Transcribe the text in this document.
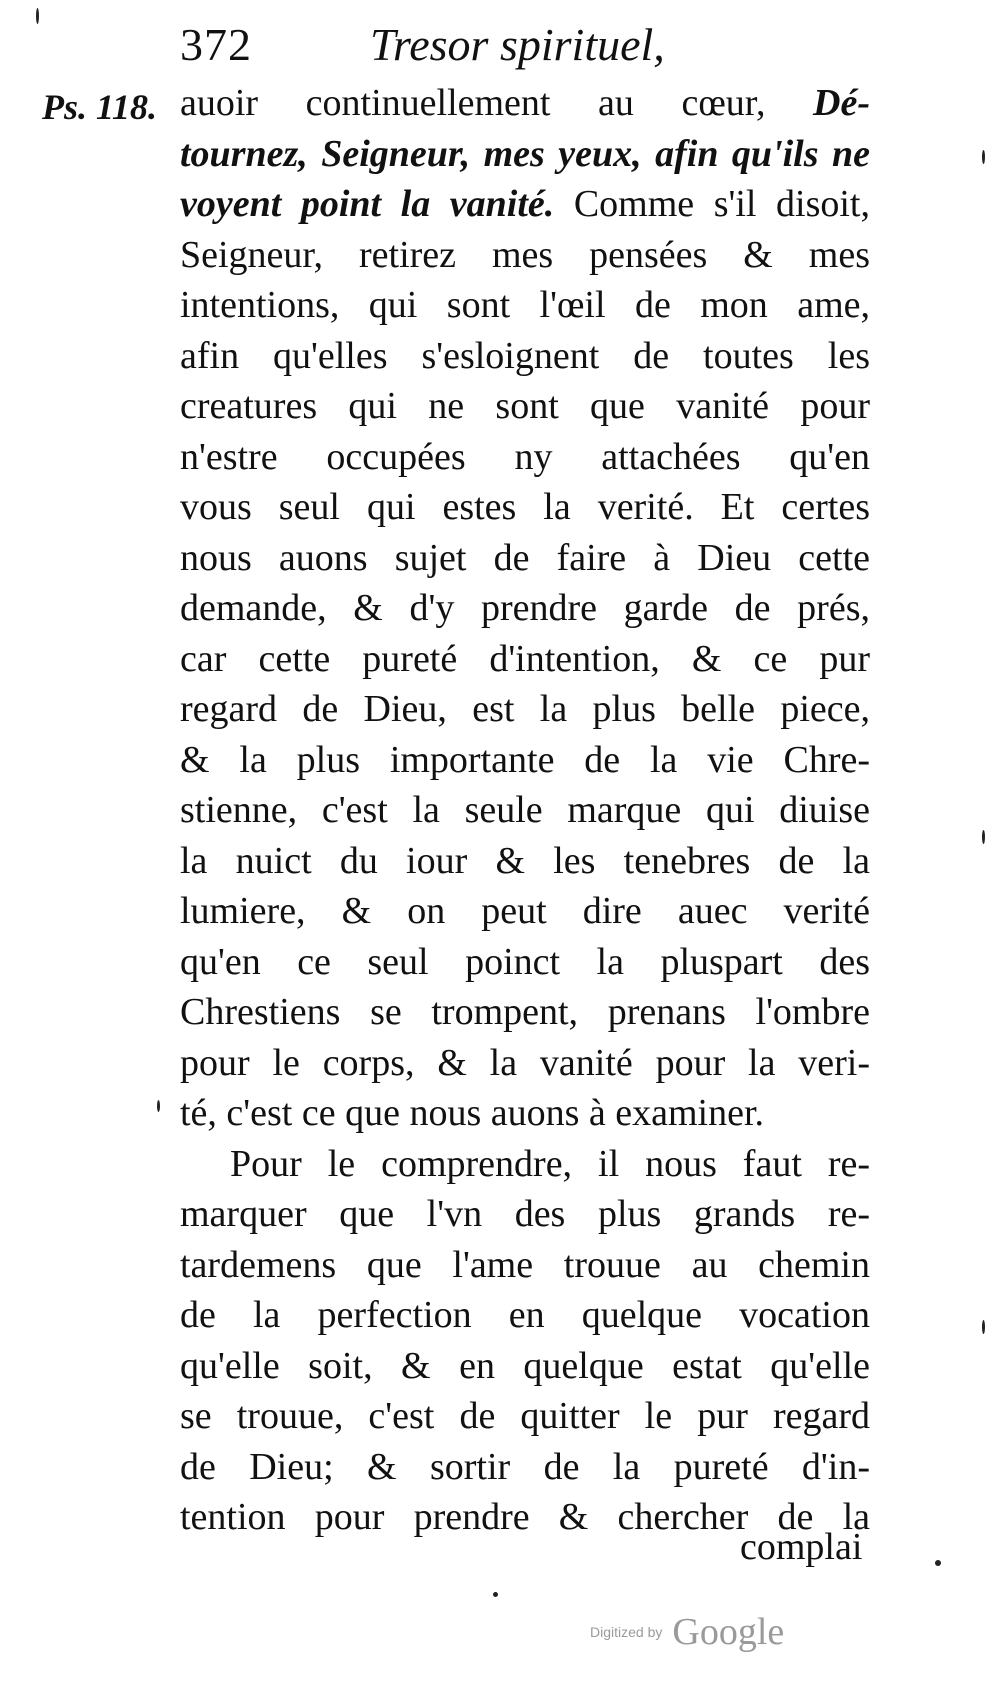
372	Tresor spirituel,
Ps. 118. auoir continuellement au cœur, Dé-
tournez, Seigneur, mes yeux, afin qu'ils ne
voyent point la vanité. Comme s'il disoit,
Seigneur, retirez mes pensées & mes
intentions, qui sont l'œil de mon ame,
afin qu'elles s'esloignent de toutes les
creatures qui ne sont que vanité pour
n'estre occupées ny attachées qu'en
vous seul qui estes la verité. Et certes
nous auons sujet de faire à Dieu cette
demande, & d'y prendre garde de prés,
car cette pureté d'intention, & ce pur
regard de Dieu, est la plus belle piece,
& la plus importante de la vie Chre-
stienne, c'est la seule marque qui diuise
la nuict du iour & les tenebres de la
lumiere, & on peut dire auec verité
qu'en ce seul poinct la pluspart des
Chrestiens se trompent, prenans l'ombre
pour le corps, & la vanité pour la veri-
té, c'est ce que nous auons à examiner.
Pour le comprendre, il nous faut re-
marquer que l'vn des plus grands re-
tardemens que l'ame trouue au chemin
de la perfection en quelque vocation
qu'elle soit, & en quelque estat qu'elle
se trouue, c'est de quitter le pur regard
de Dieu; & sortir de la pureté d'in-
tention pour prendre & chercher de la
complai
Digitized by Google
